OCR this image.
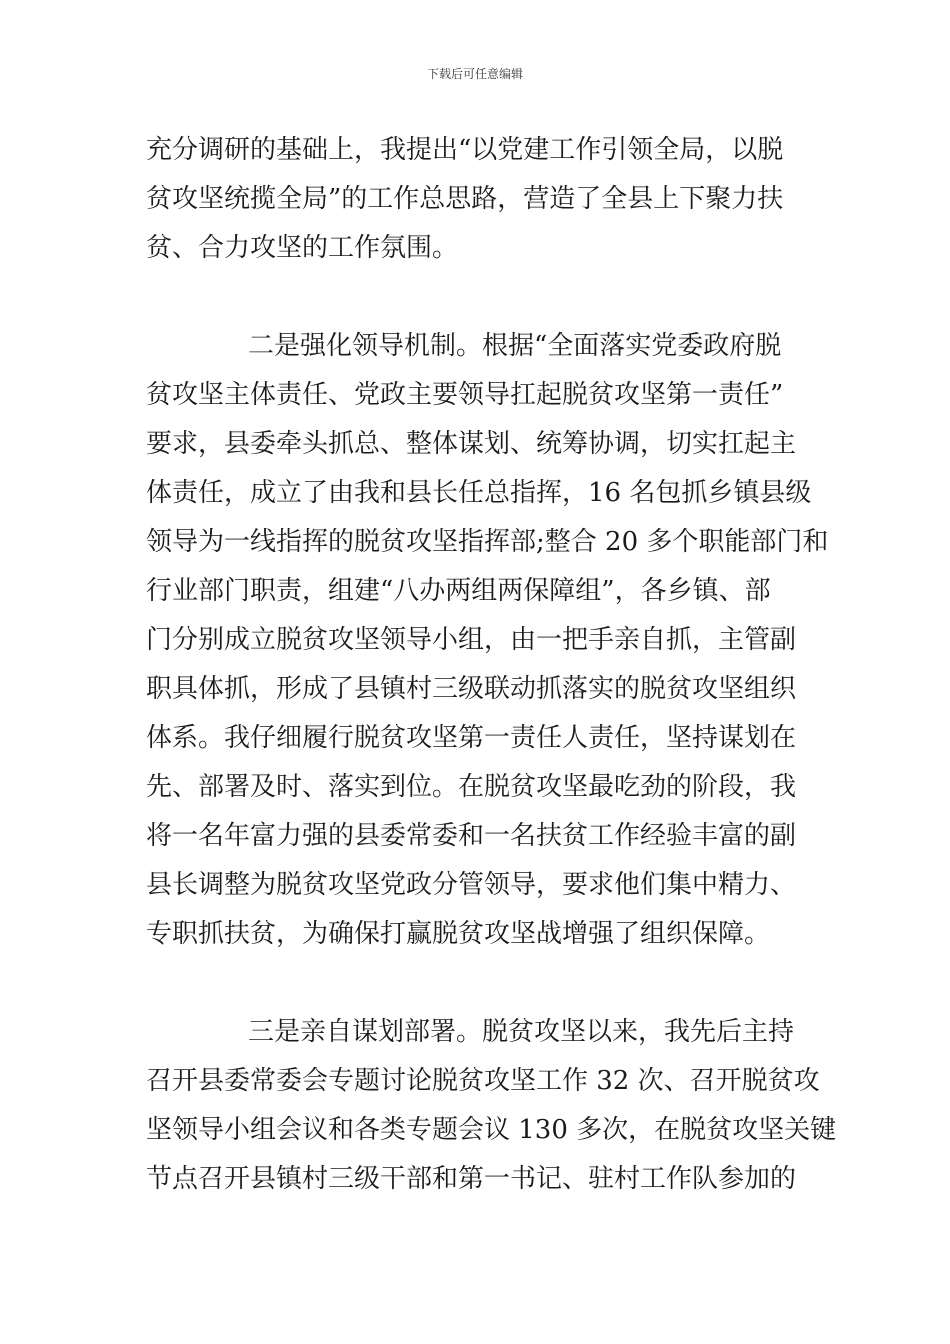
下载后可任意编辑
充分调研的基础上，我提出“以党建工作引领全局，以脱
贫攻坚统揽全局”的工作总思路，营造了全县上下聚力扶
贫、合力攻坚的工作氛围。
二是强化领导机制。根据“全面落实党委政府脱
贫攻坚主体责任、党政主要领导扛起脱贫攻坚第一责任”
要求，县委牵头抓总、整体谋划、统筹协调，切实扛起主
体责任，成立了由我和县长任总指挥，16 名包抓乡镇县级
领导为一线指挥的脱贫攻坚指挥部;整合 20 多个职能部门和
行业部门职责，组建“八办两组两保障组”，各乡镇、部
门分别成立脱贫攻坚领导小组，由一把手亲自抓，主管副
职具体抓，形成了县镇村三级联动抓落实的脱贫攻坚组织
体系。我仔细履行脱贫攻坚第一责任人责任，坚持谋划在
先、部署及时、落实到位。在脱贫攻坚最吃劲的阶段，我
将一名年富力强的县委常委和一名扶贫工作经验丰富的副
县长调整为脱贫攻坚党政分管领导，要求他们集中精力、
专职抓扶贫，为确保打赢脱贫攻坚战增强了组织保障。
三是亲自谋划部署。脱贫攻坚以来，我先后主持
召开县委常委会专题讨论脱贫攻坚工作 32 次、召开脱贫攻
坚领导小组会议和各类专题会议 130 多次，在脱贫攻坚关键
节点召开县镇村三级干部和第一书记、驻村工作队参加的
